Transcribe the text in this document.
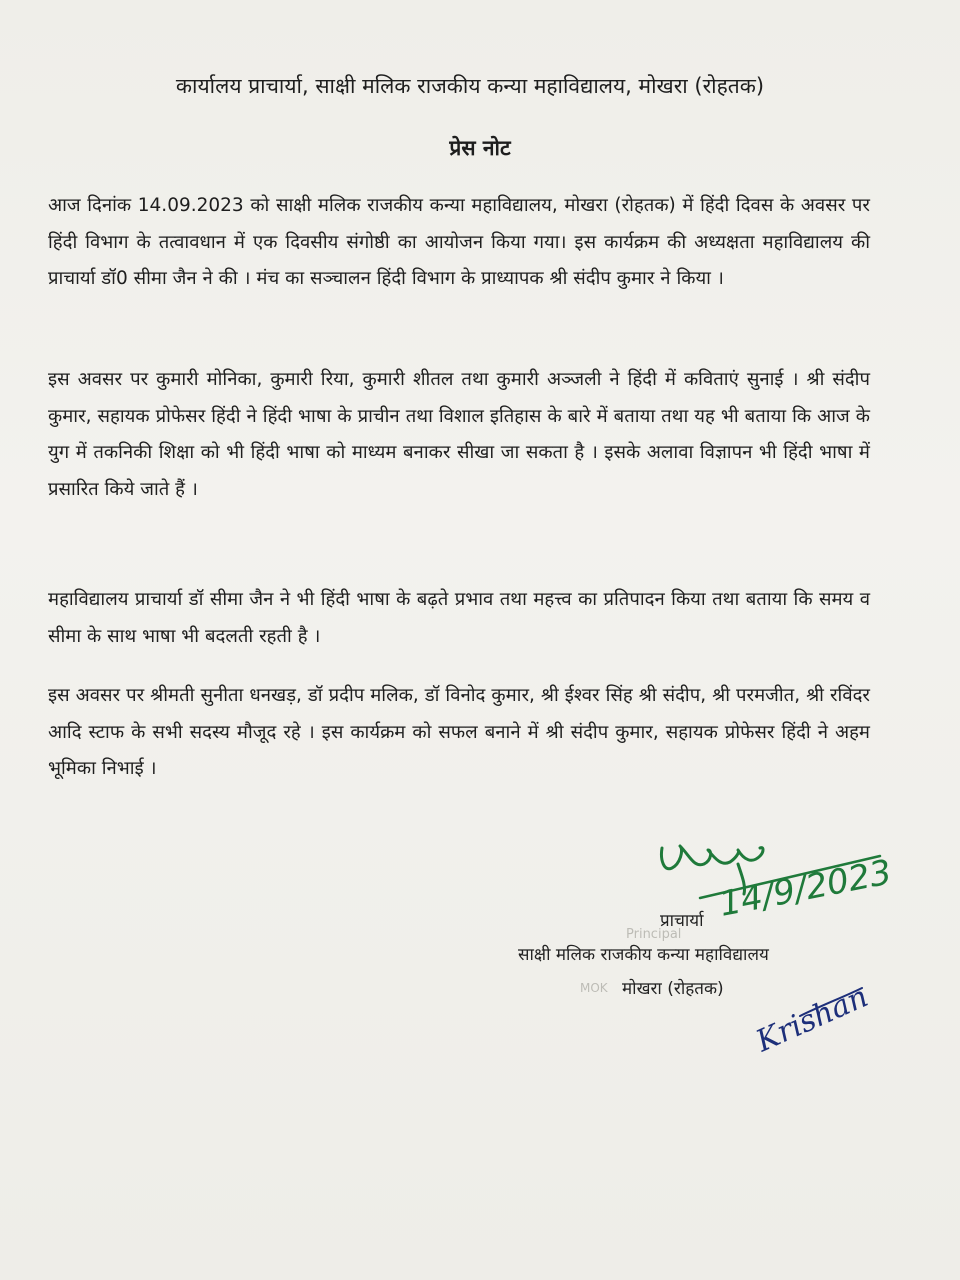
कार्यालय प्राचार्या, साक्षी मलिक राजकीय कन्या महाविद्यालय, मोखरा (रोहतक)
प्रेस नोट

आज दिनांक 14.09.2023 को साक्षी मलिक राजकीय कन्या महाविद्यालय, मोखरा (रोहतक) में हिंदी दिवस के अवसर पर हिंदी विभाग के तत्वावधान में एक दिवसीय संगोष्ठी का आयोजन किया गया। इस कार्यक्रम की अध्यक्षता महाविद्यालय की प्राचार्या डॉ0 सीमा जैन ने की । मंच का सञ्चालन हिंदी विभाग के प्राध्यापक श्री संदीप कुमार ने किया ।

इस अवसर पर कुमारी मोनिका, कुमारी रिया, कुमारी शीतल तथा कुमारी अञ्जली ने हिंदी में कविताएं सुनाई । श्री संदीप कुमार, सहायक प्रोफेसर हिंदी ने हिंदी भाषा के प्राचीन तथा विशाल इतिहास के बारे में बताया तथा यह भी बताया कि आज के युग में तकनिकी शिक्षा को भी हिंदी भाषा को माध्यम बनाकर सीखा जा सकता है । इसके अलावा विज्ञापन भी हिंदी भाषा में प्रसारित किये जाते हैं ।

महाविद्यालय प्राचार्या डॉ सीमा जैन ने भी हिंदी भाषा के बढ़ते प्रभाव तथा महत्त्व का प्रतिपादन किया तथा बताया कि समय व सीमा के साथ भाषा भी बदलती रहती है ।

इस अवसर पर श्रीमती सुनीता धनखड़, डॉ प्रदीप मलिक, डॉ विनोद कुमार, श्री ईश्वर सिंह श्री संदीप, श्री परमजीत, श्री रविंदर आदि स्टाफ के सभी सदस्य मौजूद रहे । इस कार्यक्रम को सफल बनाने में श्री संदीप कुमार, सहायक प्रोफेसर हिंदी ने अहम भूमिका निभाई ।

14/9/2023
Principal
MOK	Krishan
प्राचार्या
साक्षी मलिक राजकीय कन्या महाविद्यालय
मोखरा (रोहतक)
